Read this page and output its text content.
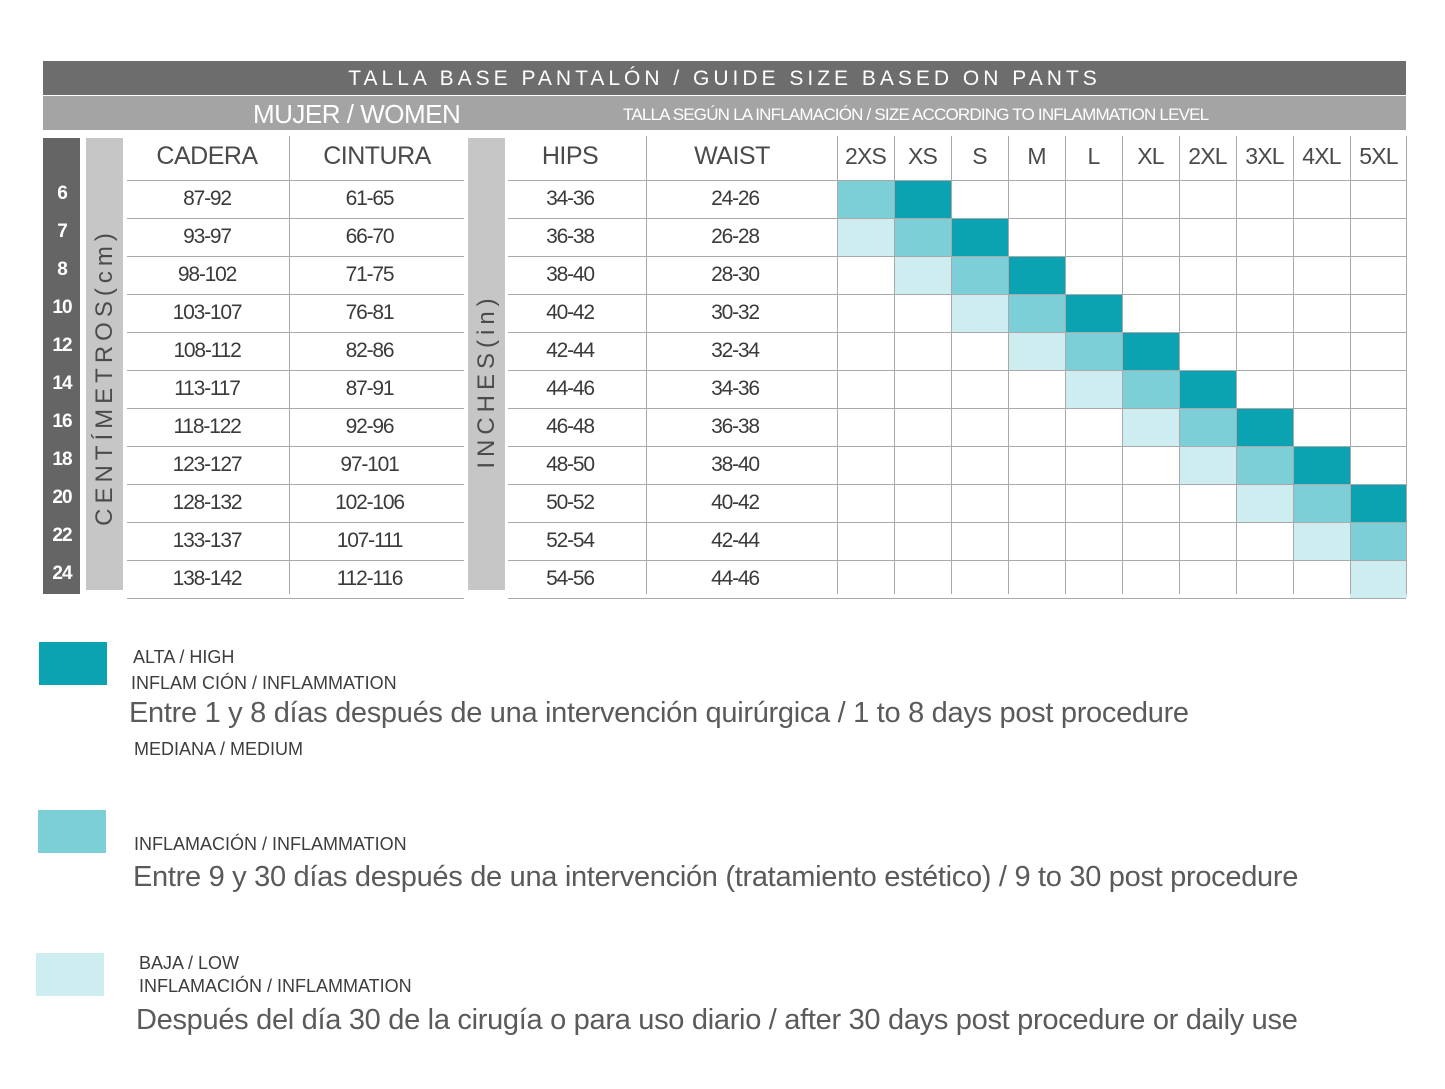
TALLA BASE PANTALÓN / GUIDE SIZE BASED ON PANTS
MUJER / WOMEN	TALLA SEGÚN LA INFLAMACIÓN / SIZE ACCORDING TO INFLAMMATION LEVEL
CENTÍMETROS(cm)	INCHES(in)
CADERA	CINTURA	HIPS	WAIST	2XS XS	S	M	L	XL	2XL 3XL 4XL 5XL
6	87-92	61-65	34-36	24-26
7	93-97	66-70	36-38	26-28
8	98-102	71-75	38-40	28-30
10	103-107	76-81	40-42	30-32
12	108-112	82-86	42-44	32-34
14	113-117	87-91	44-46	34-36
16	118-122	92-96	46-48	36-38
18	123-127	97-101	48-50	38-40
20	128-132	102-106	50-52	40-42
22	133-137	107-111	52-54	42-44
24	138-142	112-116	54-56	44-46
ALTA / HIGH
INFLAM CIÓN / INFLAMMATION
Entre 1 y 8 días después de una intervención quirúrgica / 1 to 8 days post procedure
MEDIANA / MEDIUM
INFLAMACIÓN / INFLAMMATION
Entre 9 y 30 días después de una intervención (tratamiento estético) / 9 to 30 post procedure
BAJA / LOW
INFLAMACIÓN / INFLAMMATION
Después del día 30 de la cirugía o para uso diario / after 30 days post procedure or daily use
